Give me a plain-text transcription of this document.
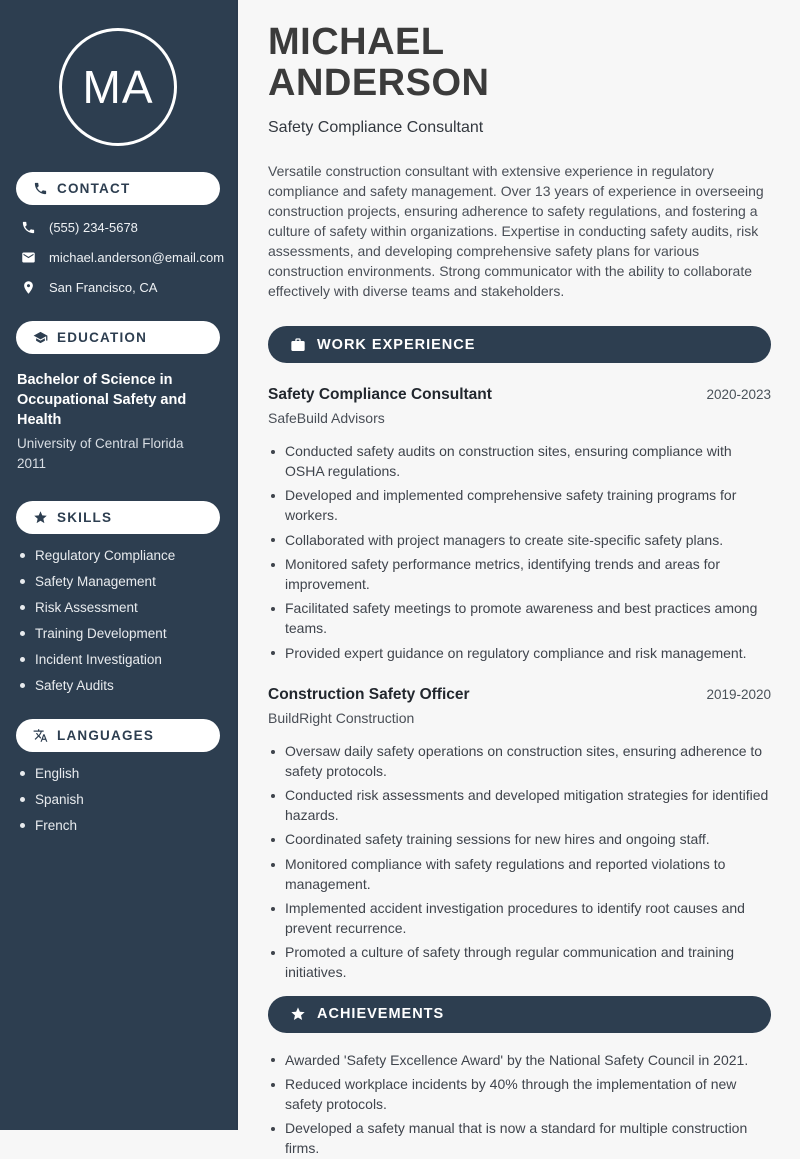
MA
CONTACT
(555) 234-5678
michael.anderson@email.com
San Francisco, CA
EDUCATION
Bachelor of Science in Occupational Safety and Health
University of Central Florida
2011
SKILLS
Regulatory Compliance
Safety Management
Risk Assessment
Training Development
Incident Investigation
Safety Audits
LANGUAGES
English
Spanish
French
MICHAEL
ANDERSON
Safety Compliance Consultant

Versatile construction consultant with extensive experience in regulatory compliance and safety management. Over 13 years of experience in overseeing construction projects, ensuring adherence to safety regulations, and fostering a culture of safety within organizations. Expertise in conducting safety audits, risk assessments, and developing comprehensive safety plans for various construction environments. Strong communicator with the ability to collaborate effectively with diverse teams and stakeholders.

WORK EXPERIENCE
Safety Compliance Consultant	2020-2023
SafeBuild Advisors
Conducted safety audits on construction sites, ensuring compliance with OSHA regulations.
Developed and implemented comprehensive safety training programs for workers.
Collaborated with project managers to create site-specific safety plans.
Monitored safety performance metrics, identifying trends and areas for improvement.
Facilitated safety meetings to promote awareness and best practices among teams.
Provided expert guidance on regulatory compliance and risk management.
Construction Safety Officer	2019-2020
BuildRight Construction
Oversaw daily safety operations on construction sites, ensuring adherence to safety protocols.
Conducted risk assessments and developed mitigation strategies for identified hazards.
Coordinated safety training sessions for new hires and ongoing staff.
Monitored compliance with safety regulations and reported violations to management.
Implemented accident investigation procedures to identify root causes and prevent recurrence.
Promoted a culture of safety through regular communication and training initiatives.
ACHIEVEMENTS
Awarded 'Safety Excellence Award' by the National Safety Council in 2021.
Reduced workplace incidents by 40% through the implementation of new safety protocols.
Developed a safety manual that is now a standard for multiple construction firms.
